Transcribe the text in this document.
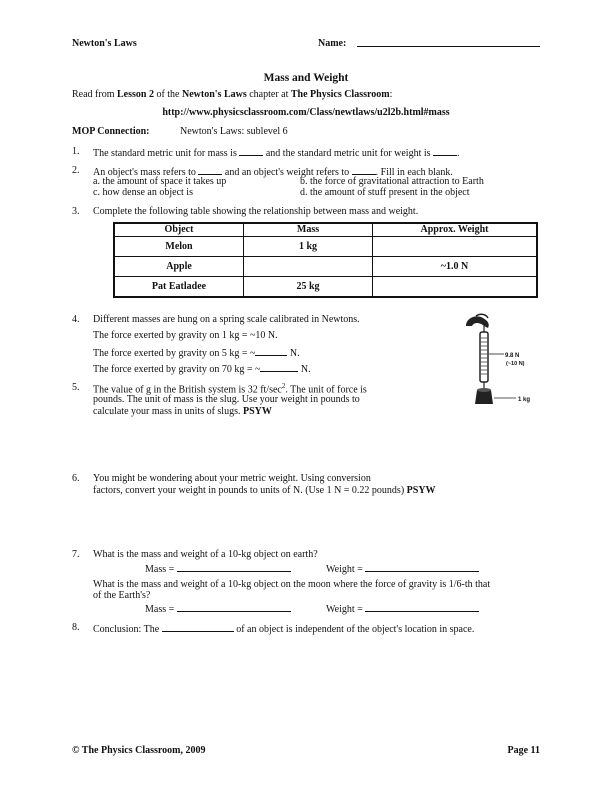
Newton's Laws	Name:
Mass and Weight
Read from Lesson 2 of the Newton's Laws chapter at The Physics Classroom:
http://www.physicsclassroom.com/Class/newtlaws/u2l2b.html#mass
MOP Connection:	Newton's Laws: sublevel 6
1. The standard metric unit for mass is	and the standard metric unit for weight is	.
2. An object's mass refers to	and an object's weight refers to	. Fill in each blank.
a. the amount of space it takes up	b. the force of gravitational attraction to Earth
c. how dense an object is	d. the amount of stuff present in the object
3. Complete the following table showing the relationship between mass and weight.
Object	Mass	Approx. Weight
Melon	1 kg	
Apple		~1.0 N
Pat Eatladee	25 kg	
4. Different masses are hung on a spring scale calibrated in Newtons.
The force exerted by gravity on 1 kg = ~10 N.
The force exerted by gravity on 5 kg = ~	N.
The force exerted by gravity on 70 kg = ~	N.
9.8 N
(~10 N)
1 kg
5. The value of g in the British system is 32 $ft/\sec^2$. The unit of force is
pounds. The unit of mass is the slug. Use your weight in pounds to
calculate your mass in units of slugs. PSYW
6. You might be wondering about your metric weight. Using conversion
factors, convert your weight in pounds to units of N. (Use 1 N = 0.22 pounds) PSYW
7. What is the mass and weight of a 10-kg object on earth?
Mass =	Weight =
What is the mass and weight of a 10-kg object on the moon where the force of gravity is 1/6-th that
of the Earth's?
Mass =	Weight =
8. Conclusion: The	of an object is independent of the object's location in space.
© The Physics Classroom, 2009	Page 11
